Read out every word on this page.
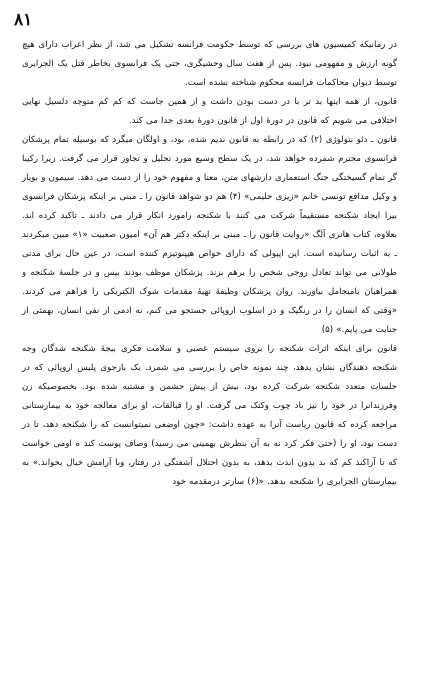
۸۱

در رمانیکه کمیسیون های بررسی که توسط حکومت فرانسه تشکیل می شد، از نظر اعراب دارای هیچ گونه ارزش و مفهومی نبود. پس از هفت سال وحشیگری، حتی یک فرانسوی بخاطر قتل یک الجزایری توسط دیوان محاکمات فرانسه محکوم شناخته نشده است.

قانون، از همه اینها بد تر با در دست بودن داشت و از همین جاست که کم کم متوجه دلسیل نهایی اختلافی می شویم که قانون در دورهٔ اول از قانون دورهٔ بعدی جدا می کند.

قانون ـ دئو نتولوژی (۲) که در رابطه به قانون ندیم شده، بود، و اولگان میگرد که بوسیله تمام پزشکان فرانسوی محترم شمرده خواهد شد، در یک سطح وسیع مورد تحلیل و تجاوز قرار می گرفت. زیرا رکیبا گر تمام گسیختگی جنگ استعماری دارشهای متن، معنا و مفهوم خود را از دست می دهد. سیمون و بویار و وکیل مدافع تونسی خانم «زیزی حلیمی» (۴) هم دو شواهد قانون را ـ مبنی بر اینکه پزشکان فرانسوی بیرا ایجاد شکنجه مستقیماً شرکت می کنند با شکنجه رامورد انکار قرار می دادند ـ تاکید کرده اند. بعلاوه، کتاب هانری آلگ «روایت قانون را ـ مبنی بر اینکه دکتر هم آن» امیون صعبیت «۱» مبین میکردند ـ به اثبات رسانیده است. این اپیولی که دارای خواص هیپنوتیزم کننده است، در عین حال برای مدتی طولانی می تواند تعادل روحی شخص را برهم بزند. پزشکان موظف بودند بیس و در جلسهٔ شکنجه و همراهیان بامیجامل بیاورند. روان پزشکان وظیفهٔ تهیهٔ مقدمات شوک الکتریکی را فراهم می کردند. «وقتی که انسان را در رنگیک و در اسلوب اروپائی جستجو می کنم، نه ادمی از نفی انسان، بهمثی از جنایت می پایم.» (۵)

قانون برای اینکه اثرات شکنجه را بروی سیستم عصبی و سلامت فکری بیجهٔ شکنجه شدگان وجه شکنجه دهندگان نشان بدهد، چند نمونه خاص را بررسی می شمرد. بک بازجوی پلیس اروپائی که در جلسات متعدد شکنجه شرکت کرده بود، بیش از پیش حشمن و مشتبه شده بود. بخصوصیکه زن وفرزندانرا در خود را نیز باد چوب وکتک می گرفت. او را قبالقات، او برای معالجه خود به بیمارستانی مراجعه کرده که قانون ریاست آنرا به عهده داشت: «چون اوضعی نمیتوانست که را شکنجه دهد، تا در دست بود، او را (حتی فکر کرد نه به آن بنظرش بهمینی می رسید) وصاف پوست کند ه اومی خواست که تا آزاکند کم که بد بدون اندت بدهد، به بدون احتلال آشفتگی در رفتار، وبا آرامش خیال بخواند.» به بیمارستان الجزایری را شکنجه بدهد. «(۶) سارتر درمقدمه خود
